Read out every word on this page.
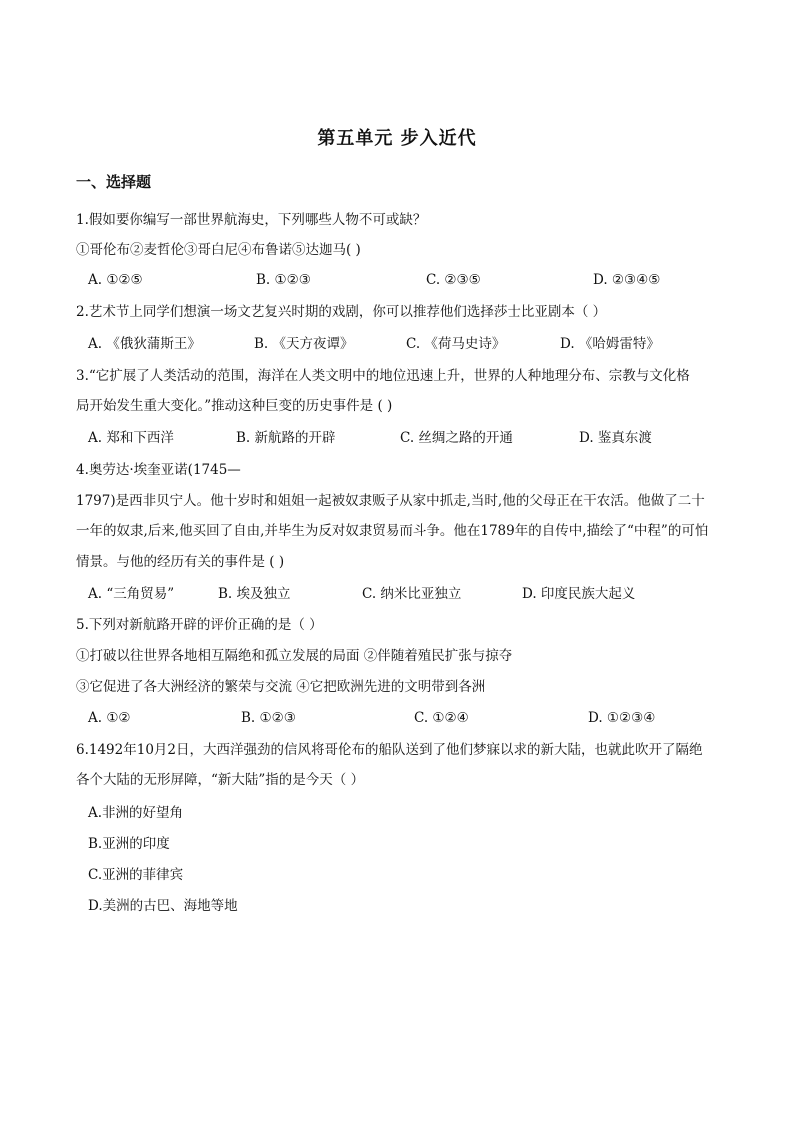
第五单元 步入近代
一、选择题
1.假如要你编写一部世界航海史，下列哪些人物不可或缺？
①哥伦布②麦哲伦③哥白尼④布鲁诺⑤达迦马( )
A. ①②⑤	B. ①②③	C. ②③⑤	D. ②③④⑤
2.艺术节上同学们想演一场文艺复兴时期的戏剧，你可以推荐他们选择莎士比亚剧本（ ）
A. 《俄狄蒲斯王》	B. 《天方夜谭》	C. 《荷马史诗》	D. 《哈姆雷特》
3.“它扩展了人类活动的范围，海洋在人类文明中的地位迅速上升，世界的人种地理分布、宗教与文化格
局开始发生重大变化。”推动这种巨变的历史事件是 ( )
A. 郑和下西洋	B. 新航路的开辟	C. 丝绸之路的开通	D. 鉴真东渡
4.奥劳达·埃奎亚诺(1745—
1797)是西非贝宁人。他十岁时和姐姐一起被奴隶贩子从家中抓走,当时,他的父母正在干农活。他做了二十
一年的奴隶,后来,他买回了自由,并毕生为反对奴隶贸易而斗争。他在1789年的自传中,描绘了“中程”的可怕
情景。与他的经历有关的事件是 ( )
A. “三角贸易”	B. 埃及独立	C. 纳米比亚独立	D. 印度民族大起义
5.下列对新航路开辟的评价正确的是（ ）
①打破以往世界各地相互隔绝和孤立发展的局面 ②伴随着殖民扩张与掠夺
③它促进了各大洲经济的繁荣与交流 ④它把欧洲先进的文明带到各洲
A. ①②	B. ①②③	C. ①②④	D. ①②③④
6.1492年10月2日，大西洋强劲的信风将哥伦布的船队送到了他们梦寐以求的新大陆，也就此吹开了隔绝
各个大陆的无形屏障，“新大陆”指的是今天（ ）
A.非洲的好望角
B.亚洲的印度
C.亚洲的菲律宾
D.美洲的古巴、海地等地
